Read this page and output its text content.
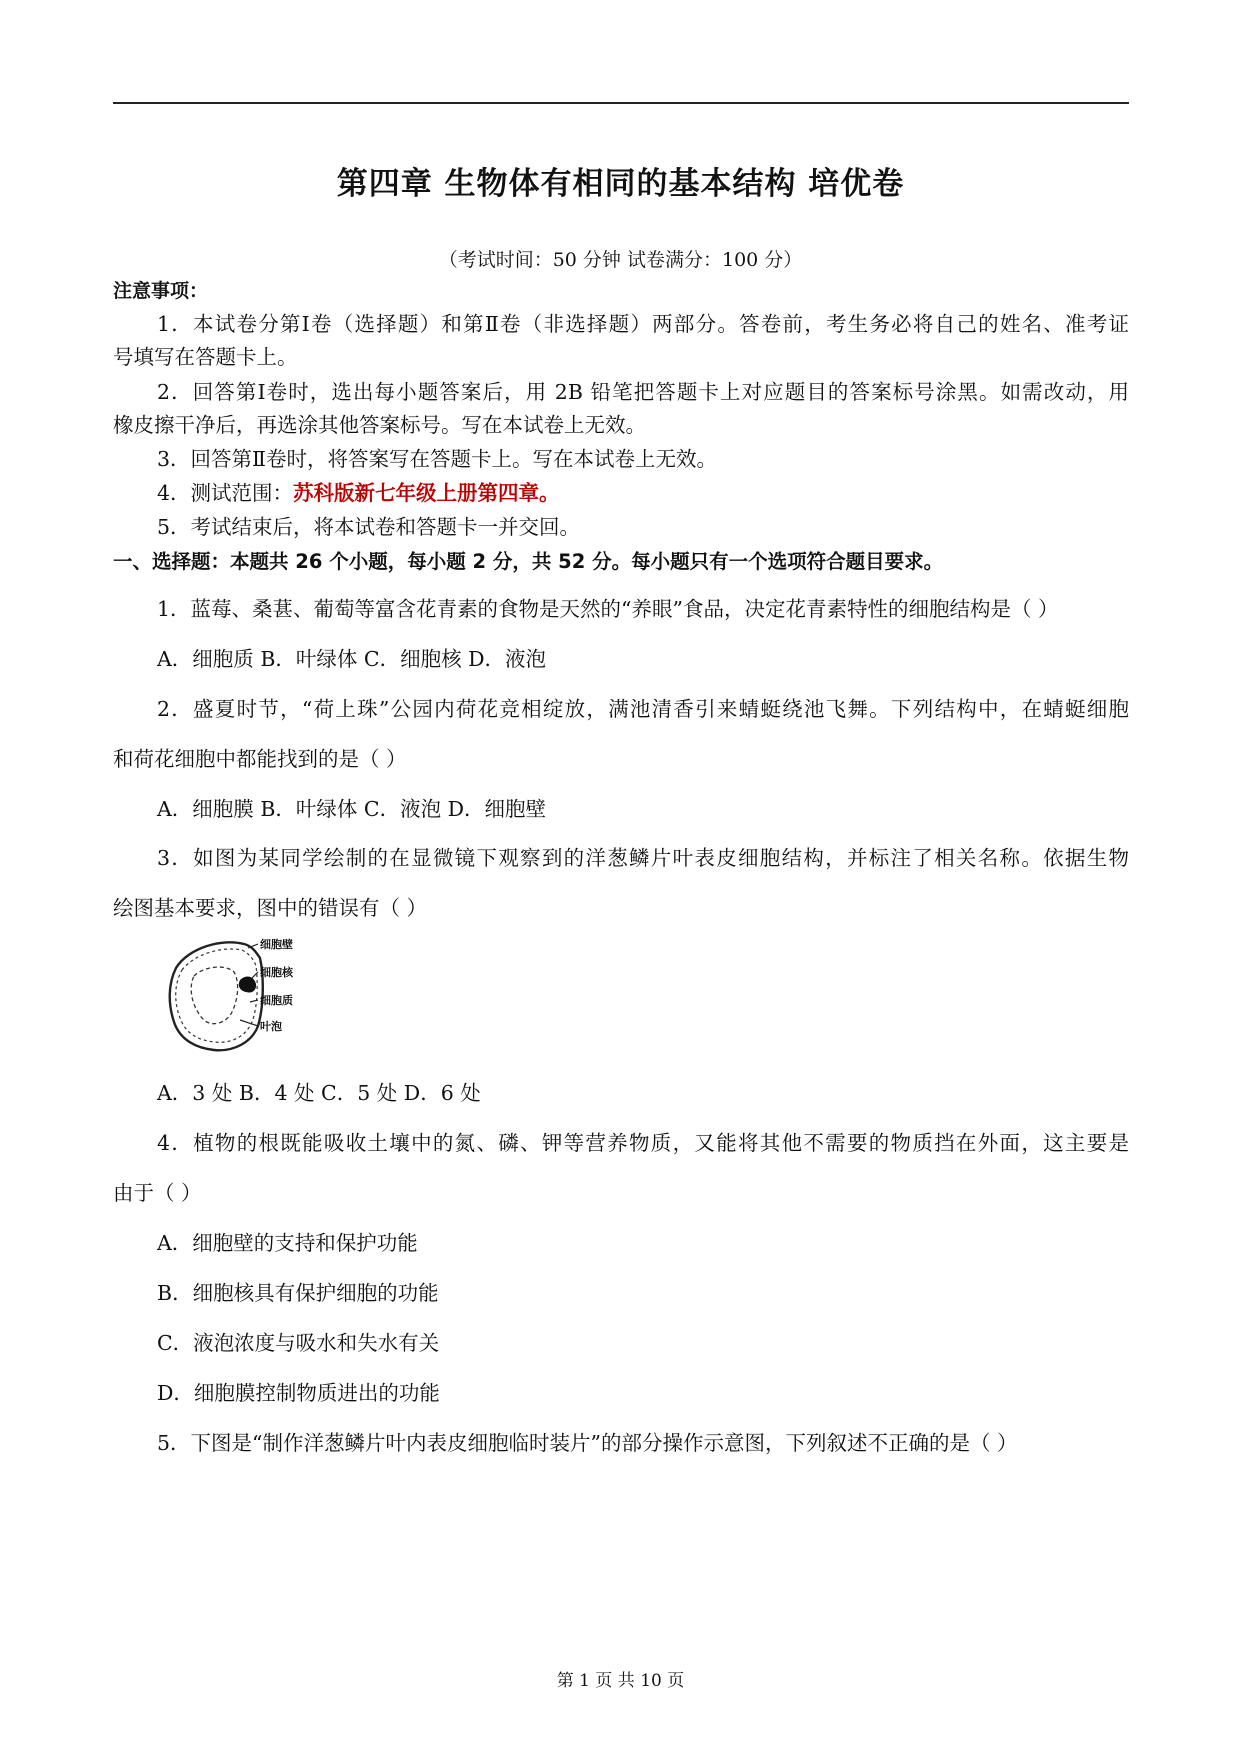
第四章 生物体有相同的基本结构 培优卷
（考试时间：50 分钟 试卷满分：100 分）
注意事项：
1．本试卷分第Ⅰ卷（选择题）和第Ⅱ卷（非选择题）两部分。答卷前，考生务必将自己的姓名、准考证
号填写在答题卡上。
2．回答第Ⅰ卷时，选出每小题答案后，用 2B 铅笔把答题卡上对应题目的答案标号涂黑。如需改动，用
橡皮擦干净后，再选涂其他答案标号。写在本试卷上无效。
3．回答第Ⅱ卷时，将答案写在答题卡上。写在本试卷上无效。
4．测试范围：苏科版新七年级上册第四章。
5．考试结束后，将本试卷和答题卡一并交回。
一、选择题：本题共 26 个小题，每小题 2 分，共 52 分。每小题只有一个选项符合题目要求。
1．蓝莓、桑葚、葡萄等富含花青素的食物是天然的“养眼”食品，决定花青素特性的细胞结构是（ ）
A．细胞质 B．叶绿体 C．细胞核 D．液泡
2．盛夏时节，“荷上珠”公园内荷花竞相绽放，满池清香引来蜻蜓绕池飞舞。下列结构中，在蜻蜓细胞
和荷花细胞中都能找到的是（ ）
A．细胞膜 B．叶绿体 C．液泡 D．细胞壁
3．如图为某同学绘制的在显微镜下观察到的洋葱鳞片叶表皮细胞结构，并标注了相关名称。依据生物
绘图基本要求，图中的错误有（ ）
细胞壁
细胞核
细胞质
叶泡
A．3 处 B．4 处 C．5 处 D．6 处
4．植物的根既能吸收土壤中的氮、磷、钾等营养物质，又能将其他不需要的物质挡在外面，这主要是
由于（ ）
A．细胞壁的支持和保护功能
B．细胞核具有保护细胞的功能
C．液泡浓度与吸水和失水有关
D．细胞膜控制物质进出的功能
5．下图是“制作洋葱鳞片叶内表皮细胞临时装片”的部分操作示意图，下列叙述不正确的是（ ）
第 1 页 共 10 页
